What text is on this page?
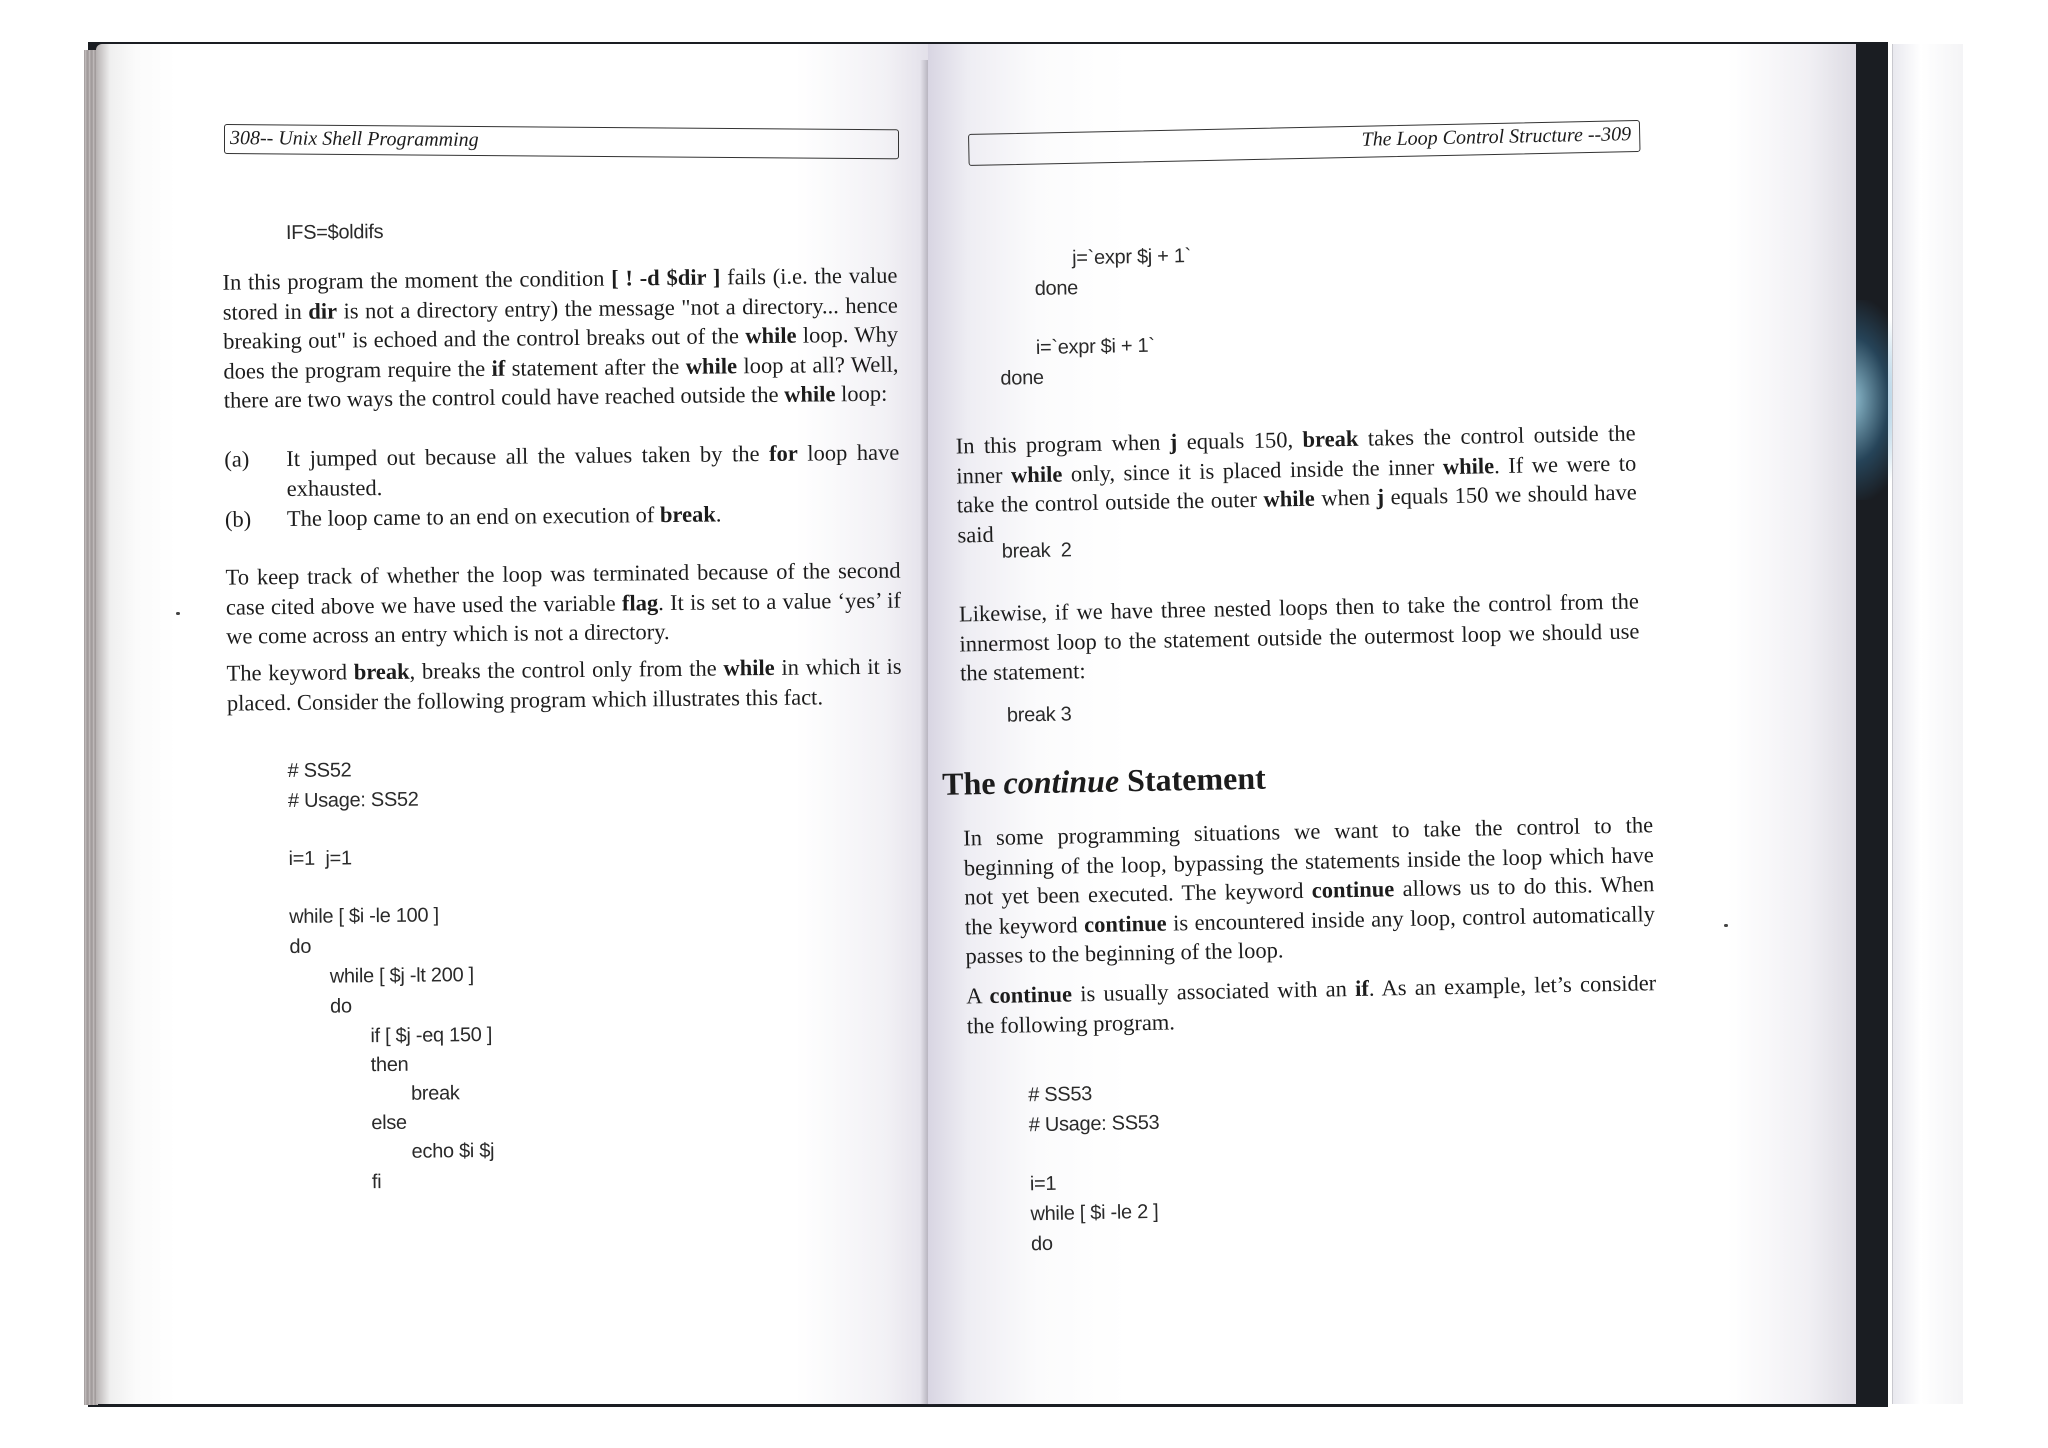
308-- Unix Shell Programming
IFS=$oldifs
In this program the moment the condition [ ! -d $dir ] fails (i.e. the value stored in dir is not a directory entry) the message "not a directory... hence breaking out" is echoed and the control breaks out of the while loop. Why does the program require the if statement after the while loop at all? Well, there are two ways the control could have reached outside the while loop:
(a) It jumped out because all the values taken by the for loop have exhausted.
(b) The loop came to an end on execution of break.
To keep track of whether the loop was terminated because of the second case cited above we have used the variable flag. It is set to a value ‘yes’ if we come across an entry which is not a directory.
The keyword break, breaks the control only from the while in which it is placed. Consider the following program which illustrates this fact.
# SS52
# Usage: SS52
i=1  j=1
while [ $i -le 100 ]
do
while [ $j -lt 200 ]
do
if [ $j -eq 150 ]
then
break
else
echo $i $j
fi
The Loop Control Structure --309
j=`expr $j + 1`
done
i=`expr $i + 1`
done
In this program when j equals 150, break takes the control outside the inner while only, since it is placed inside the inner while. If we were to take the control outside the outer while when j equals 150 we should have said
break  2
Likewise, if we have three nested loops then to take the control from the innermost loop to the statement outside the outermost loop we should use the statement:
break 3
The continue Statement
In some programming situations we want to take the control to the beginning of the loop, bypassing the statements inside the loop which have not yet been executed. The keyword continue allows us to do this. When the keyword continue is encountered inside any loop, control automatically passes to the beginning of the loop.
A continue is usually associated with an if. As an example, let’s consider the following program.
# SS53
# Usage: SS53
i=1
while [ $i -le 2 ]
do
